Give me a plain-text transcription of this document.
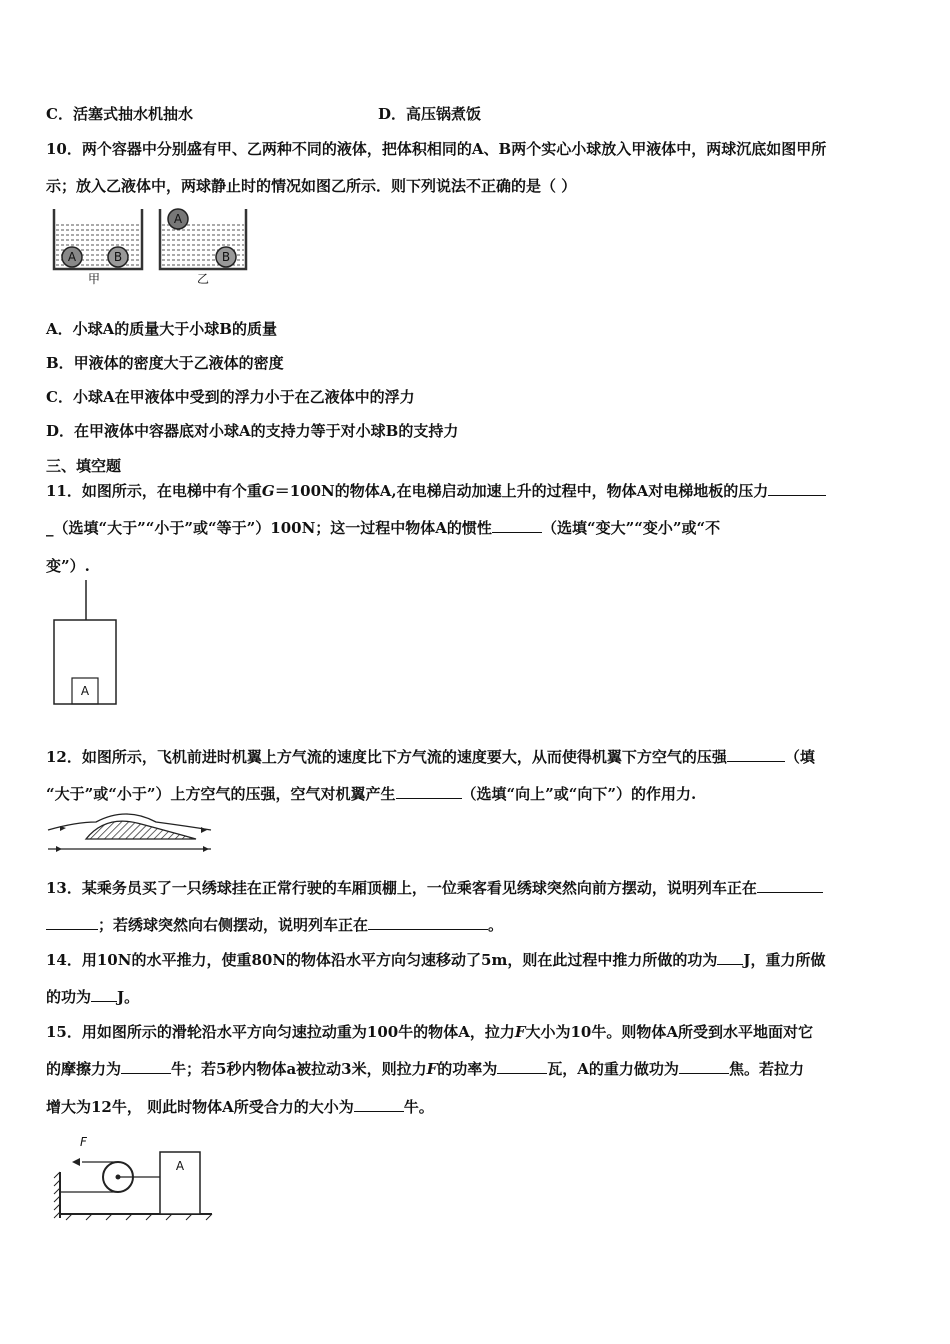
C．活塞式抽水机抽水	D．高压锅煮饭
10．两个容器中分别盛有甲、乙两种不同的液体，把体积相同的A、B两个实心小球放入甲液体中，两球沉底如图甲所
示；放入乙液体中，两球静止时的情况如图乙所示．则下列说法不正确的是（ ）
A	B
甲
A
B
乙
A．小球A的质量大于小球B的质量
B．甲液体的密度大于乙液体的密度
C．小球A在甲液体中受到的浮力小于在乙液体中的浮力
D．在甲液体中容器底对小球A的支持力等于对小球B的支持力
三、填空题
11．如图所示，在电梯中有个重G＝100N的物体A,在电梯启动加速上升的过程中，物体A对电梯地板的压力
_（选填“大于”“小于”或“等于”）100N；这一过程中物体A的惯性	（选填“变大”“变小”或“不
变”）.
A
12．如图所示，飞机前进时机翼上方气流的速度比下方气流的速度要大，从而使得机翼下方空气的压强	（填
“大于”或“小于”）上方空气的压强，空气对机翼产生	（选填“向上”或“向下”）的作用力.
13．某乘务员买了一只绣球挂在正常行驶的车厢顶棚上，一位乘客看见绣球突然向前方摆动，说明列车正在
；若绣球突然向右侧摆动，说明列车正在	。
14．用10N的水平推力，使重80N的物体沿水平方向匀速移动了5m，则在此过程中推力所做的功为 J，重力所做
的功为 J。
15．用如图所示的滑轮沿水平方向匀速拉动重为100牛的物体A，拉力F大小为10牛。则物体A所受到水平地面对它
的摩擦力为	牛；若5秒内物体a被拉动3米，则拉力F的功率为	瓦，A的重力做功为	焦。若拉力
增大为12牛， 则此时物体A所受合力的大小为	牛。
F
A
